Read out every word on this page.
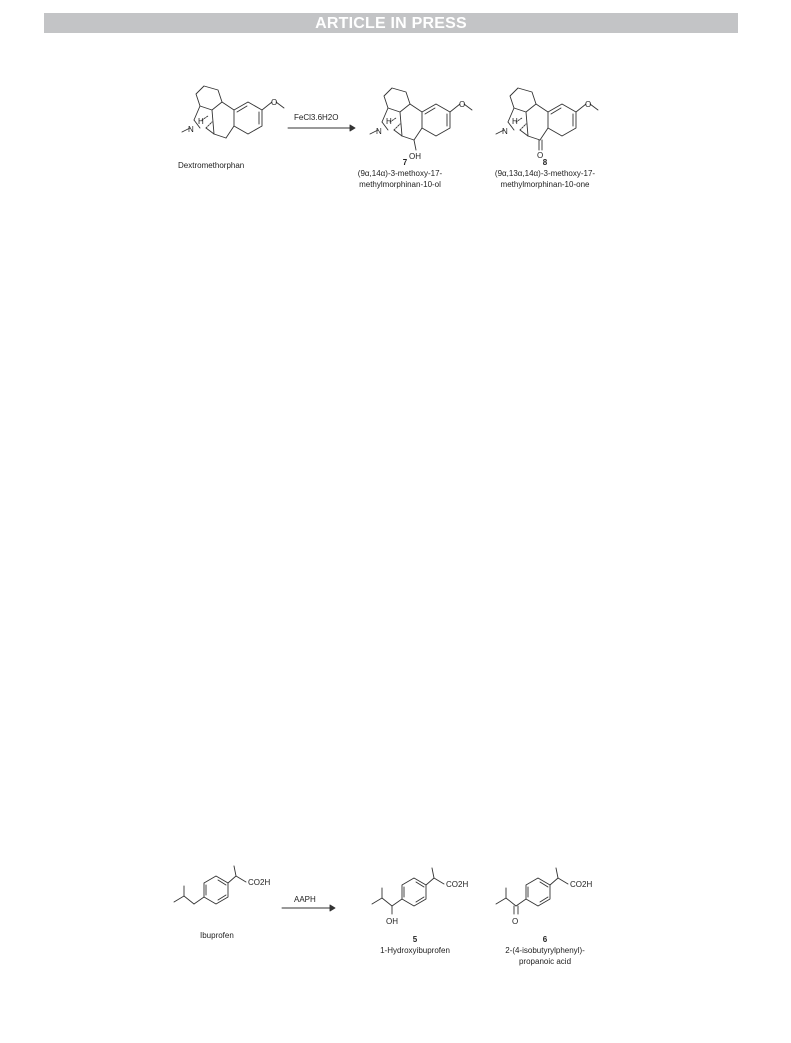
ARTICLE IN PRESS
N
H
O
N
H
O
OH
N
H
O
O
FeCl3.6H2O
Dextromethorphan	7
(9α,14α)-3-methoxy-17-
methylmorphinan-10-ol
8
(9α,13α,14α)-3-methoxy-17-
methylmorphinan-10-one
CO2H
OH
CO2H
O
CO2H
AAPH
Ibuprofen	5
1-Hydroxyibuprofen
6
2-(4-isobutyrylphenyl)-
propanoic acid
